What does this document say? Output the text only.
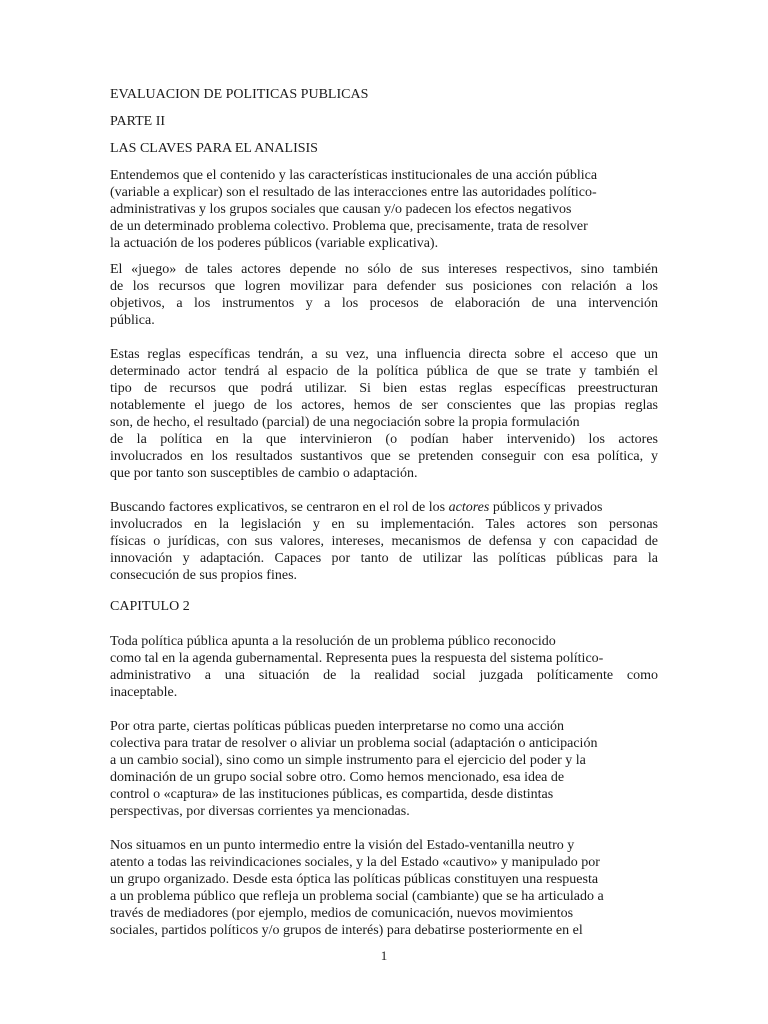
EVALUACION DE POLITICAS PUBLICAS
PARTE II
LAS CLAVES PARA EL ANALISIS
Entendemos que el contenido y las características institucionales de una acción pública
(variable a explicar) son el resultado de las interacciones entre las autoridades político-
administrativas y los grupos sociales que causan y/o padecen los efectos negativos
de un determinado problema colectivo. Problema que, precisamente, trata de resolver
la actuación de los poderes públicos (variable explicativa).
El «juego» de tales actores depende no sólo de sus intereses respectivos, sino también
de los recursos que logren movilizar para defender sus posiciones con relación a los
objetivos, a los instrumentos y a los procesos de elaboración de una intervención
pública.
Estas reglas específicas tendrán, a su vez, una influencia directa sobre el acceso que un
determinado actor tendrá al espacio de la política pública de que se trate y también el
tipo de recursos que podrá utilizar. Si bien estas reglas específicas preestructuran
notablemente el juego de los actores, hemos de ser conscientes que las propias reglas
son, de hecho, el resultado (parcial) de una negociación sobre la propia formulación
de la política en la que intervinieron (o podían haber intervenido) los actores
involucrados en los resultados sustantivos que se pretenden conseguir con esa política, y
que por tanto son susceptibles de cambio o adaptación.
Buscando factores explicativos, se centraron en el rol de los actores públicos y privados
involucrados en la legislación y en su implementación. Tales actores son personas
físicas o jurídicas, con sus valores, intereses, mecanismos de defensa y con capacidad de
innovación y adaptación. Capaces por tanto de utilizar las políticas públicas para la
consecución de sus propios fines.
CAPITULO 2
Toda política pública apunta a la resolución de un problema público reconocido
como tal en la agenda gubernamental. Representa pues la respuesta del sistema político-
administrativo a una situación de la realidad social juzgada políticamente como
inaceptable.
Por otra parte, ciertas políticas públicas pueden interpretarse no como una acción
colectiva para tratar de resolver o aliviar un problema social (adaptación o anticipación
a un cambio social), sino como un simple instrumento para el ejercicio del poder y la
dominación de un grupo social sobre otro. Como hemos mencionado, esa idea de
control o «captura» de las instituciones públicas, es compartida, desde distintas
perspectivas, por diversas corrientes ya mencionadas.
Nos situamos en un punto intermedio entre la visión del Estado-ventanilla neutro y
atento a todas las reivindicaciones sociales, y la del Estado «cautivo» y manipulado por
un grupo organizado. Desde esta óptica las políticas públicas constituyen una respuesta
a un problema público que refleja un problema social (cambiante) que se ha articulado a
través de mediadores (por ejemplo, medios de comunicación, nuevos movimientos
sociales, partidos políticos y/o grupos de interés) para debatirse posteriormente en el
1
